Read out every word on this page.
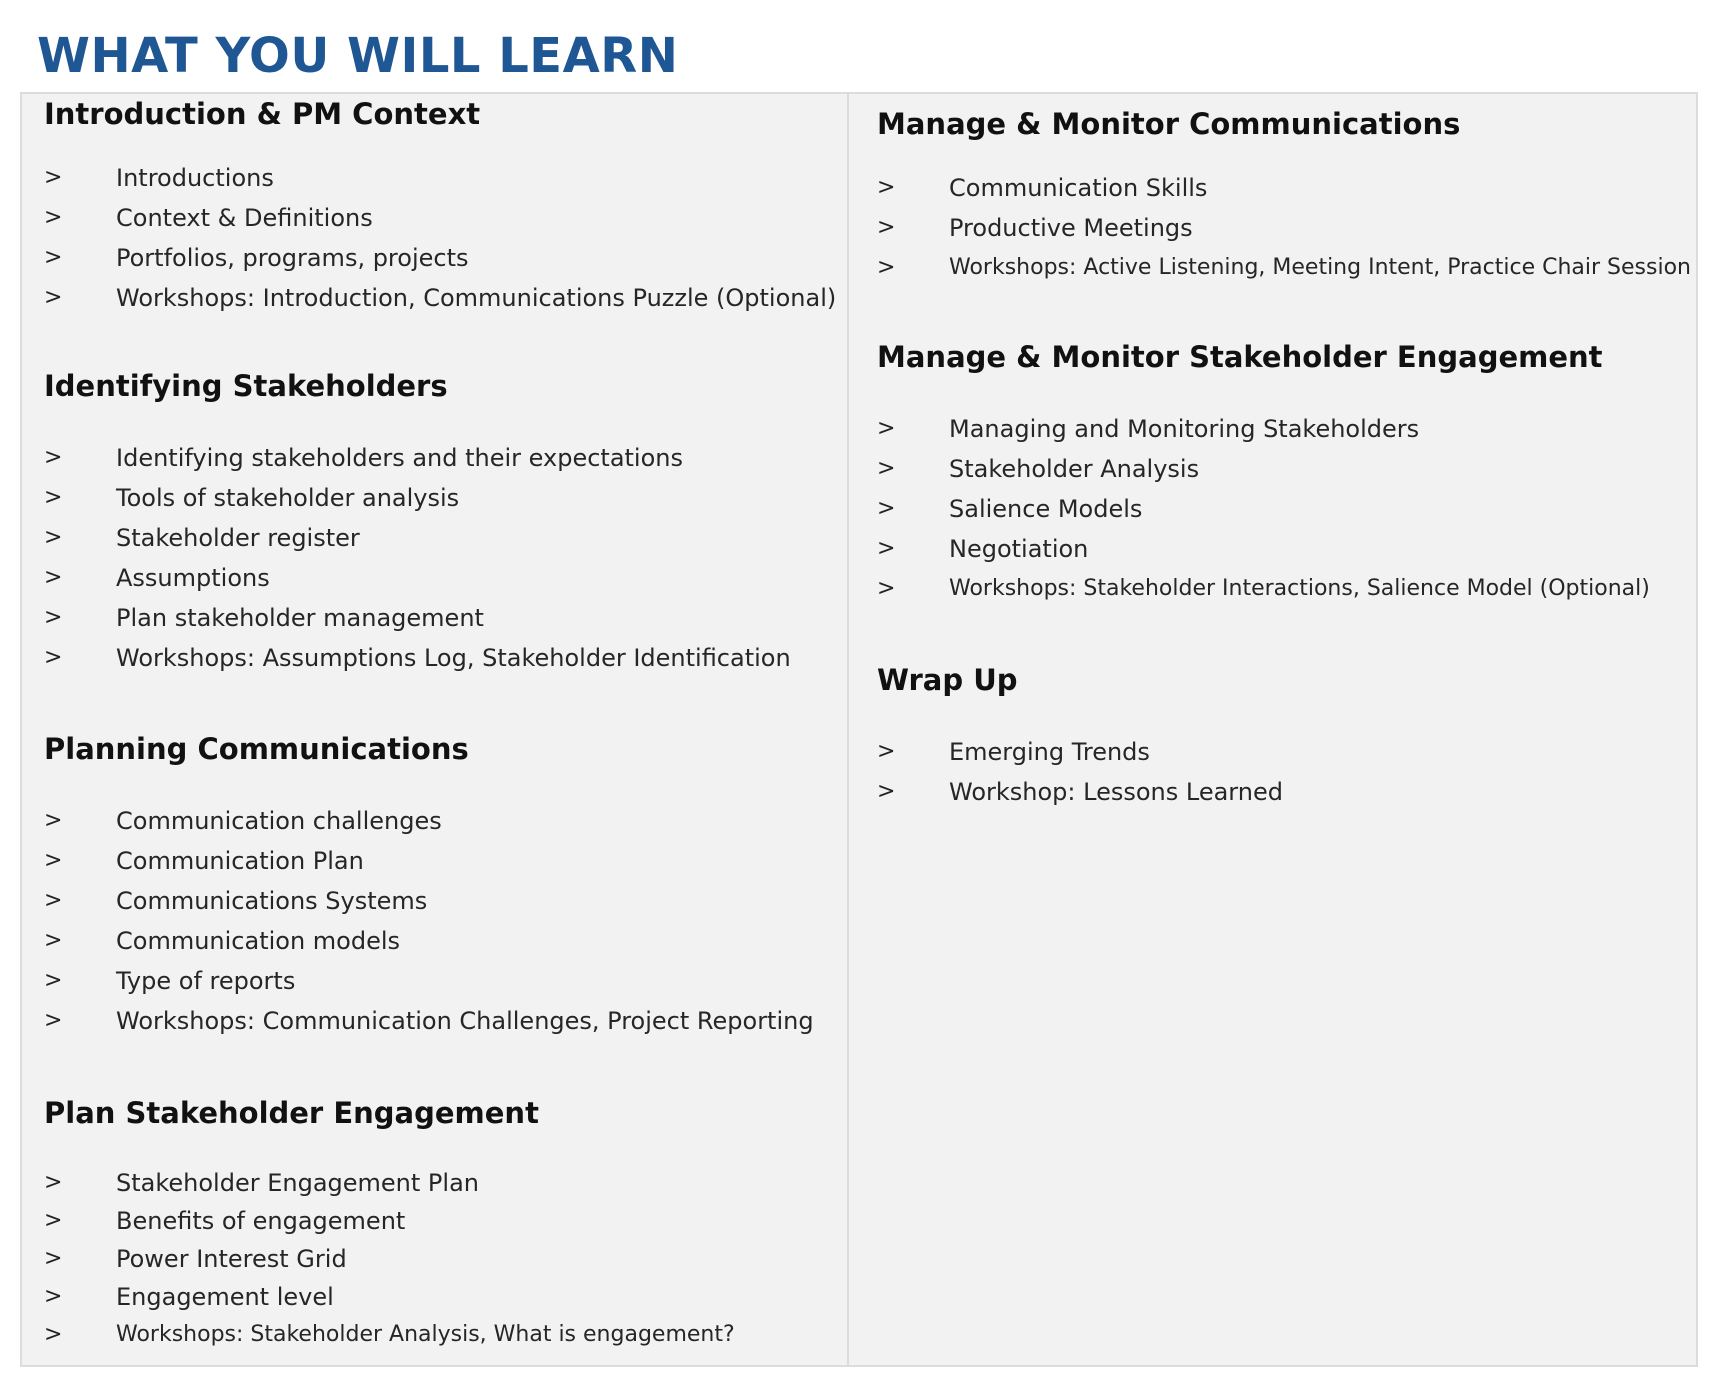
WHAT YOU WILL LEARN
Introduction & PM Context
> Introductions
> Context & Definitions
> Portfolios, programs, projects
> Workshops: Introduction, Communications Puzzle (Optional)
Identifying Stakeholders
> Identifying stakeholders and their expectations
> Tools of stakeholder analysis
> Stakeholder register
> Assumptions
> Plan stakeholder management
> Workshops: Assumptions Log, Stakeholder Identification
Planning Communications
> Communication challenges
> Communication Plan
> Communications Systems
> Communication models
> Type of reports
> Workshops: Communication Challenges, Project Reporting
Plan Stakeholder Engagement
> Stakeholder Engagement Plan
> Benefits of engagement
> Power Interest Grid
> Engagement level
> Workshops: Stakeholder Analysis, What is engagement?
Manage & Monitor Communications
> Communication Skills
> Productive Meetings
> Workshops: Active Listening, Meeting Intent, Practice Chair Session
Manage & Monitor Stakeholder Engagement
> Managing and Monitoring Stakeholders
> Stakeholder Analysis
> Salience Models
> Negotiation
> Workshops: Stakeholder Interactions, Salience Model (Optional)
Wrap Up
> Emerging Trends
> Workshop: Lessons Learned
